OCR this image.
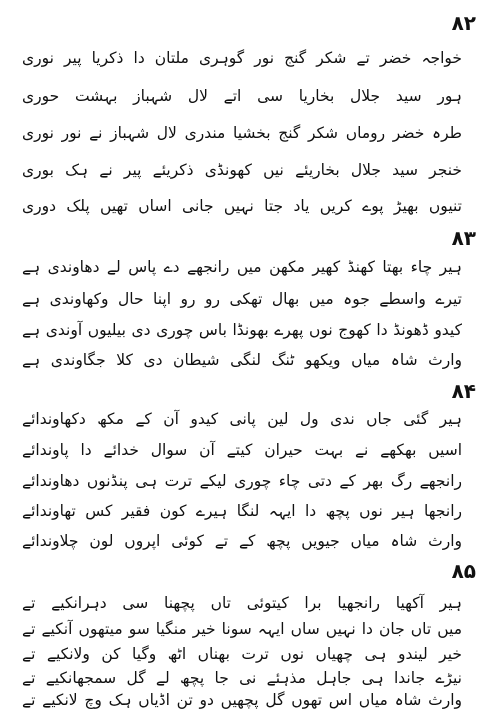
۸۲
خواجہ خضر تے شکر گنج نور گوہری ملتان دا ذکریا پیر نوری
ہور سید جلال بخاریا سی اتے لال شہباز بہشت حوری
طرہ خضر روماں شکر گنج بخشیا مندری لال شہباز نے نور نوری
خنجر سید جلال بخاریئے نیں کھونڈی ذکریئے پیر نے ہک بوری
تنیوں بھیڑ پوے کریں یاد جتا نہیں جانی اساں تھیں پلک دوری
۸۳
ہیر چاء بھتا کھنڈ کھیر مکھن میں رانجھے دے پاس لے دھاوندی ہے
تیرے واسطے جوہ میں بھال تھکی رو رو اپنا حال وکھاوندی ہے
کیدو ڈھونڈ دا کھوج نوں پھرے بھونڈا باس چوری دی بیلیوں آوندی ہے
وارث شاہ میاں ویکھو ٹنگ لنگی شیطان دی کلا جگاوندی ہے
۸۴
ہیر گئی جاں ندی ول لین پانی کیدو آن کے مکھ دکھاوندائے
اسیں بھکھے نے بہت حیران کیتے آن سوال خدائے دا پاوندائے
رانجھے رگ بھر کے دتی چاء چوری لیکے ترت ہی پنڈنوں دھاوندائے
رانجھا ہیر نوں پچھ دا ایہہ لنگا ہیرے کون فقیر کس تھاوندائے
وارث شاہ میاں جیویں پچھ کے تے کوئی اپروں لون چلاوندائے
۸۵
ہیر آکھیا رانجھیا برا کیتوئی تاں پچھنا سی دہرانکیے تے
میں تاں جان دا نہیں ساں ایہہ سونا خیر منگیا سو میتھوں آنکیے تے
خیر لیندو ہی چھیاں نوں ترت بھناں اٹھ وگیا کن ولانکیے تے
نیڑے جاندا ہی جاہل مذہئے نی جا پچھ لے گل سمجھانکیے تے
وارث شاہ میاں اس تھوں گل پچھیں دو تن اڈیاں ہک وچ لانکیے تے
